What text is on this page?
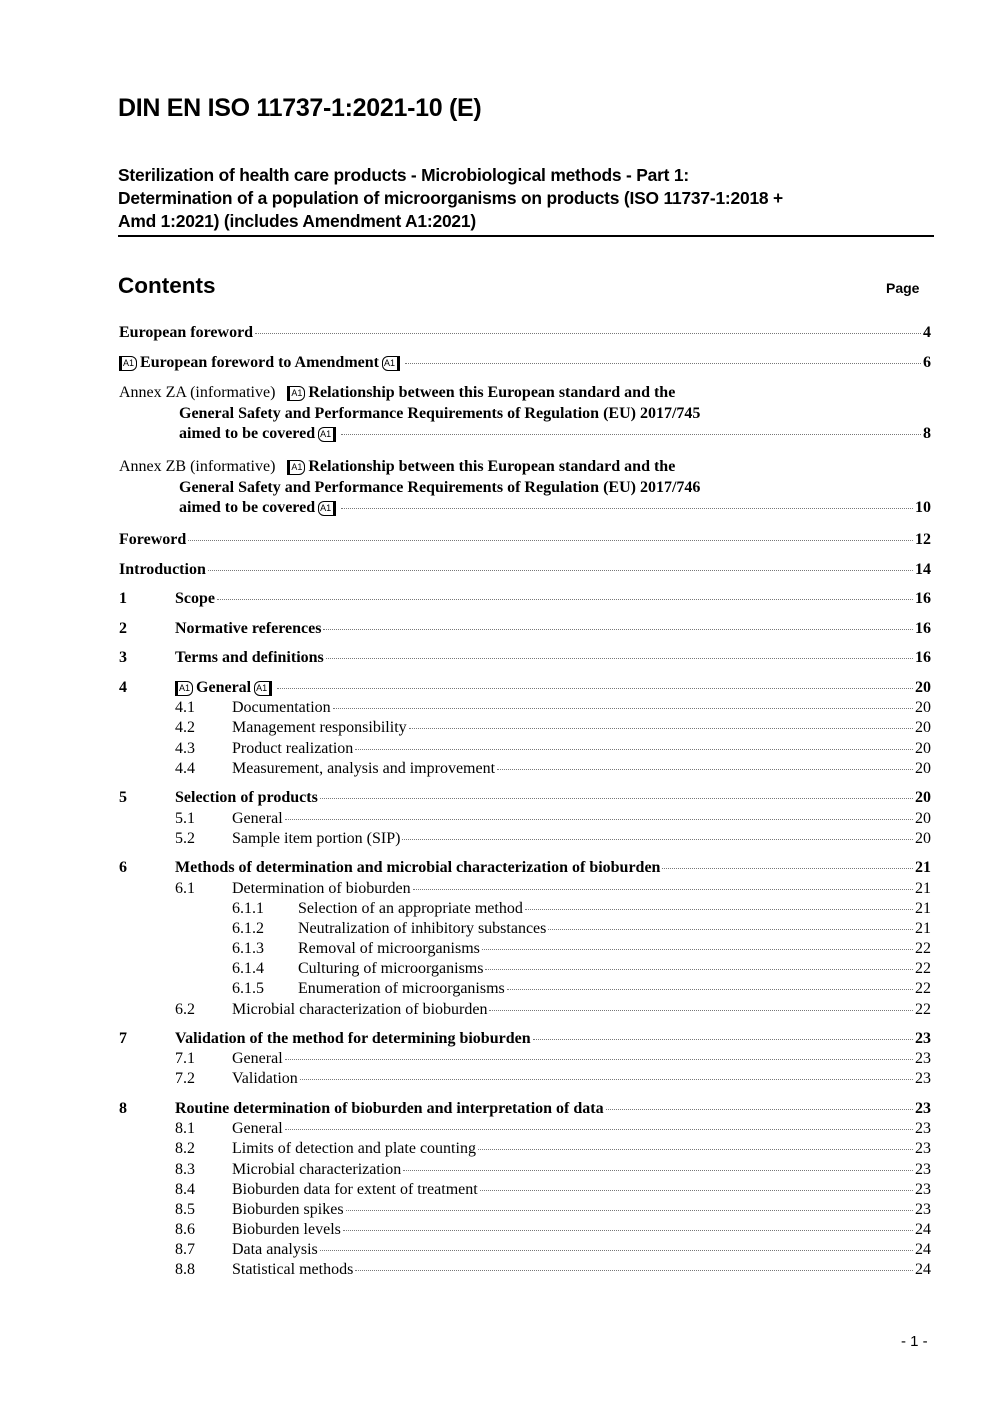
DIN EN ISO 11737-1:2021-10 (E)
Sterilization of health care products - Microbiological methods - Part 1:
Determination of a population of microorganisms on products (ISO 11737-1:2018 +
Amd 1:2021) (includes Amendment A1:2021)
Contents	Page
European foreword	4
A1 European foreword to Amendment A1	6
Annex ZA (informative) A1 Relationship between this European standard and the
General Safety and Performance Requirements of Regulation (EU) 2017/745
aimed to be covered A1	8
Annex ZB (informative) A1 Relationship between this European standard and the
General Safety and Performance Requirements of Regulation (EU) 2017/746
aimed to be covered A1	10
Foreword	12
Introduction	14
1	Scope	16
2	Normative references	16
3	Terms and definitions	16
4	A1 General A1	20
4.1	Documentation	20
4.2	Management responsibility	20
4.3	Product realization	20
4.4	Measurement, analysis and improvement	20
5	Selection of products	20
5.1	General	20
5.2	Sample item portion (SIP)	20
6	Methods of determination and microbial characterization of bioburden	21
6.1	Determination of bioburden	21
6.1.1	Selection of an appropriate method	21
6.1.2	Neutralization of inhibitory substances	21
6.1.3	Removal of microorganisms	22
6.1.4	Culturing of microorganisms	22
6.1.5	Enumeration of microorganisms	22
6.2	Microbial characterization of bioburden	22
7	Validation of the method for determining bioburden	23
7.1	General	23
7.2	Validation	23
8	Routine determination of bioburden and interpretation of data	23
8.1	General	23
8.2	Limits of detection and plate counting	23
8.3	Microbial characterization	23
8.4	Bioburden data for extent of treatment	23
8.5	Bioburden spikes	23
8.6	Bioburden levels	24
8.7	Data analysis	24
8.8	Statistical methods	24
- 1 -
